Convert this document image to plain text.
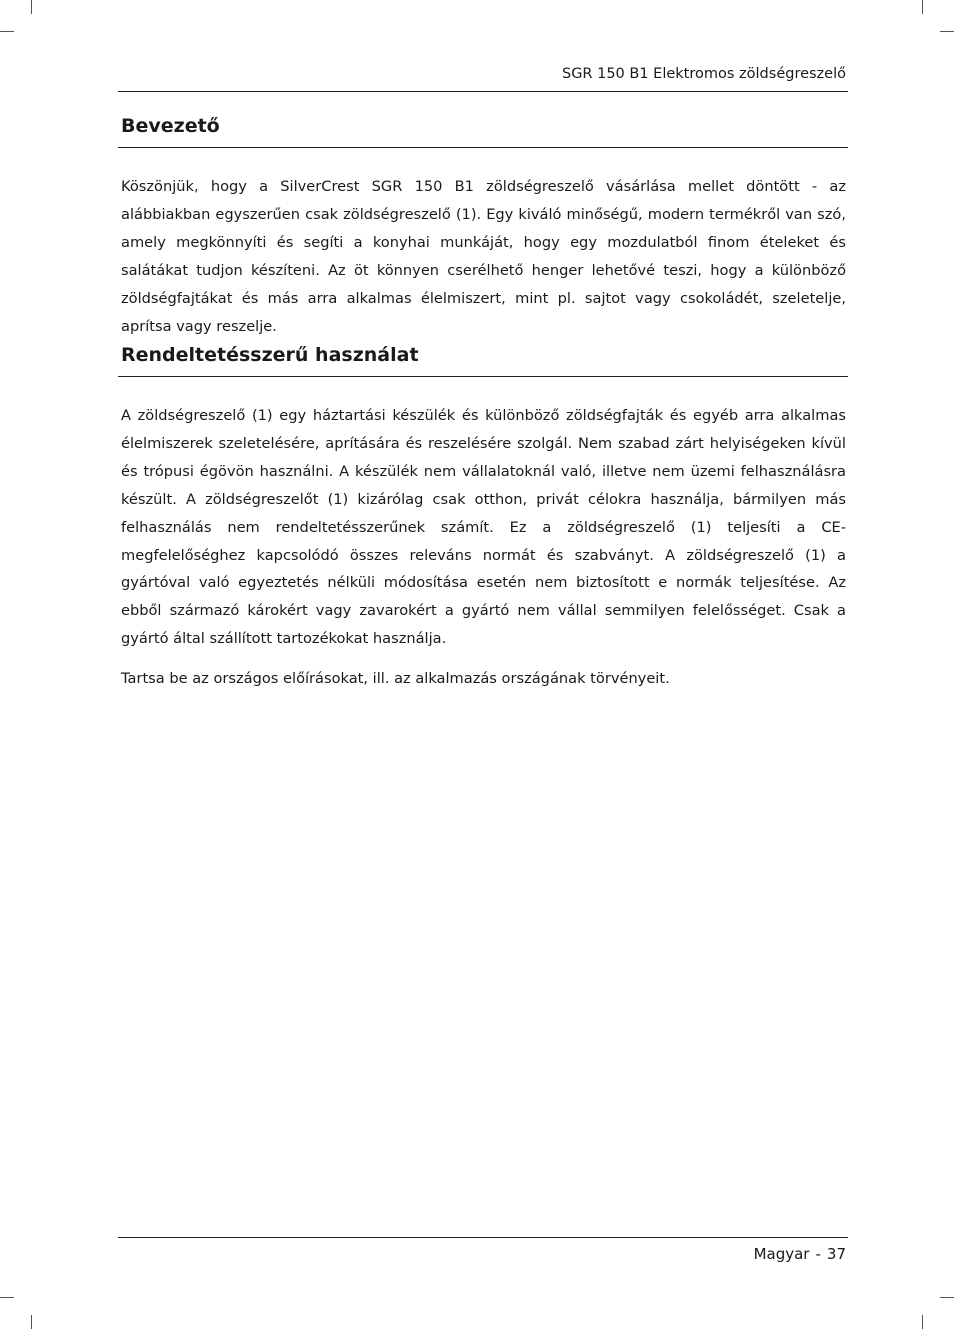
SGR 150 B1 Elektromos zöldségreszelő
Bevezető

Köszönjük, hogy a SilverCrest SGR 150 B1 zöldségreszelő vásárlása mellet döntött - az alábbiakban egyszerűen csak zöldségreszelő (1). Egy kiváló minőségű, modern termékről van szó, amely megkönnyíti és segíti a konyhai munkáját, hogy egy mozdulatból finom ételeket és salátákat tudjon készíteni. Az öt könnyen cserélhető henger lehetővé teszi, hogy a különböző zöldségfajtákat és más arra alkalmas élelmiszert, mint pl. sajtot vagy csokoládét, szeletelje, aprítsa vagy reszelje.

Rendeltetésszerű használat

A zöldségreszelő (1) egy háztartási készülék és különböző zöldségfajták és egyéb arra alkalmas élelmiszerek szeletelésére, aprítására és reszelésére szolgál. Nem szabad zárt helyiségeken kívül és trópusi égövön használni. A készülék nem vállalatoknál való, illetve nem üzemi felhasználásra készült. A zöldségreszelőt (1) kizárólag csak otthon, privát célokra használja, bármilyen más felhasználás nem rendeltetésszerűnek számít. Ez a zöldségreszelő (1) teljesíti a CE-megfelelőséghez kapcsolódó összes releváns normát és szabványt. A zöldségreszelő (1) a gyártóval való egyeztetés nélküli módosítása esetén nem biztosított e normák teljesítése. Az ebből származó károkért vagy zavarokért a gyártó nem vállal semmilyen felelősséget. Csak a gyártó által szállított tartozékokat használja.

Tartsa be az országos előírásokat, ill. az alkalmazás országának törvényeit.

Magyar - 37
